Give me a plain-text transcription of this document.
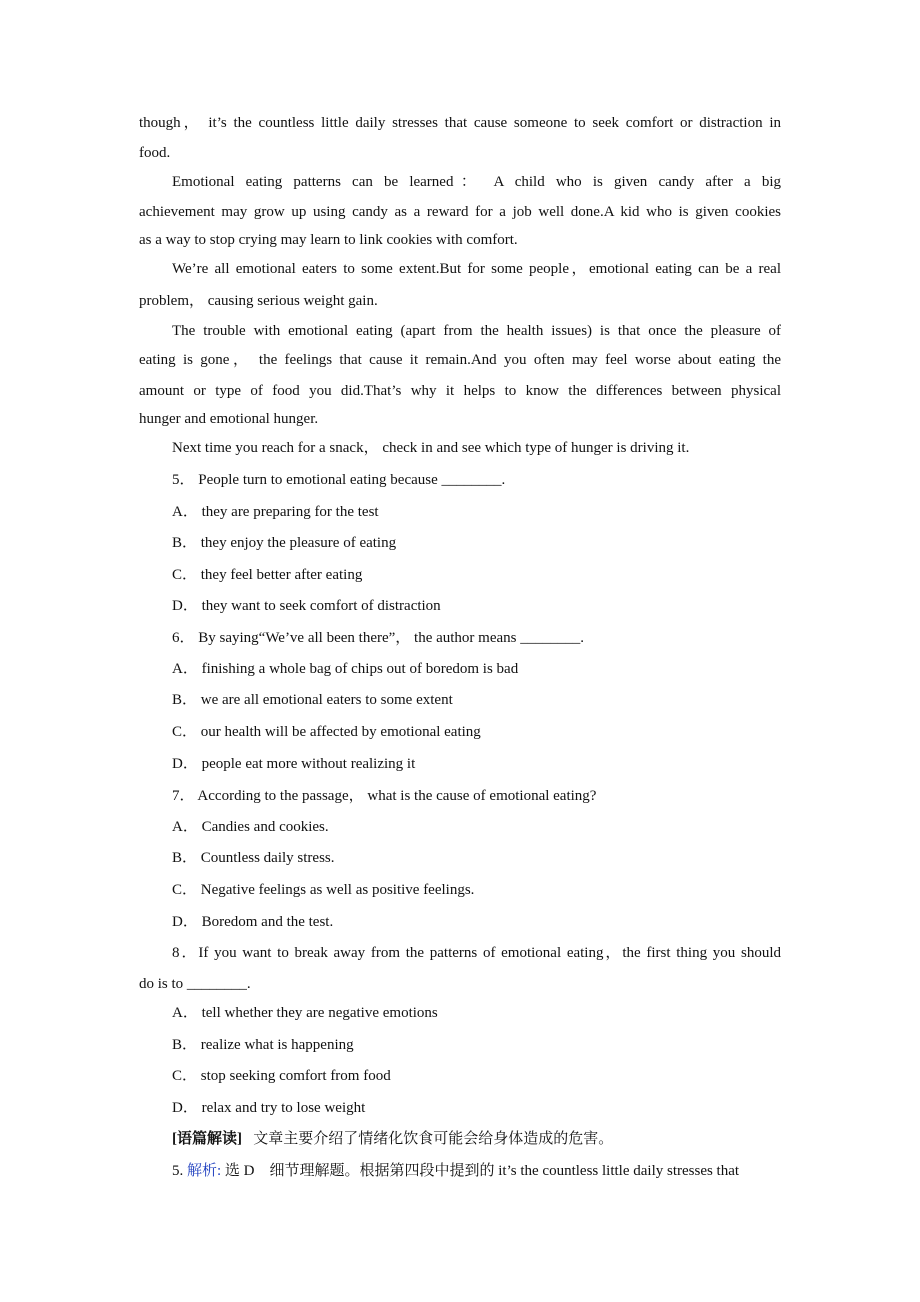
though， it’s the countless little daily stresses that cause someone to seek comfort or distraction in
food.
Emotional eating patterns can be learned： A child who is given candy after a big
achievement may grow up using candy as a reward for a job well done.A kid who is given cookies
as a way to stop crying may learn to link cookies with comfort.
We’re all emotional eaters to some extent.But for some people，emotional eating can be a real
problem， causing serious weight gain.
The trouble with emotional eating (apart from the health issues) is that once the pleasure of
eating is gone， the feelings that cause it remain.And you often may feel worse about eating the
amount or type of food you did.That’s why it helps to know the differences between physical
hunger and emotional hunger.
Next time you reach for a snack， check in and see which type of hunger is driving it.
5． People turn to emotional eating because ________.
A． they are preparing for the test
B． they enjoy the pleasure of eating
C． they feel better after eating
D． they want to seek comfort of distraction
6． By saying“We’ve all been there”， the author means ________.
A． finishing a whole bag of chips out of boredom is bad
B． we are all emotional eaters to some extent
C． our health will be affected by emotional eating
D． people eat more without realizing it
7． According to the passage， what is the cause of emotional eating?
A． Candies and cookies.
B． Countless daily stress.
C． Negative feelings as well as positive feelings.
D． Boredom and the test.
8．If you want to break away from the patterns of emotional eating，the first thing you should
do is to ________.
A． tell whether they are negative emotions
B． realize what is happening
C． stop seeking comfort from food
D． relax and try to lose weight
[语篇解读] 文章主要介绍了情绪化饮食可能会给身体造成的危害。
5. 解析: 选 D　细节理解题。根据第四段中提到的 it’s the countless little daily stresses that
